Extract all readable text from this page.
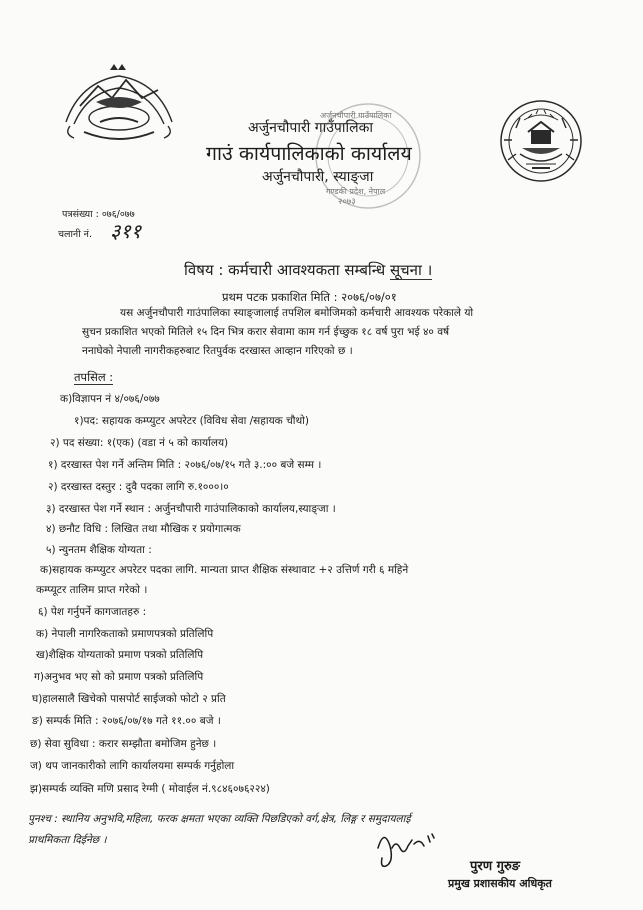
अर्जुनचौपारी गाउँपालिका
गण्डकी प्रदेश, नेपाल
२०७३
अर्जुनचौपारी गाउँपालिका
गाउं कार्यपालिकाको कार्यालय
अर्जुनचौपारी, स्याङ्जा
पत्रसंख्या : ०७६/०७७
चलानी नं. ३११
विषय : कर्मचारी आवश्यकता सम्बन्धि सूचना ।
प्रथम पटक प्रकाशित मिति : २०७६/०७/०१
यस अर्जुनचौपारी गाउंपालिका स्याङ्जालाई तपशिल बमोजिमको कर्मचारी आवश्यक परेकाले यो
सुचन प्रकाशित भएको मितिले १५ दिन भित्र करार सेवामा काम गर्न ईच्छुक १८ वर्ष पुरा भई ४० वर्ष
ननाघेको नेपाली नागरीकहरुबाट रितपुर्वक दरखास्त आव्हान गरिएको छ ।
तपसिल :
क)विज्ञापन नं ४/०७६/०७७
१)पद: सहायक कम्प्युटर अपरेटर (विविध सेवा /सहायक चौथो)
२) पद संख्या: १(एक) (वडा नं ५ को कार्यालय)
१) दरखास्त पेश गर्ने अन्तिम मिति : २०७६/०७/१५ गते ३.:०० बजे सम्म ।
२) दरखास्त दस्तुर : दुवै पदका लागि रु.१०००।०
३) दरखास्त पेश गर्ने स्थान : अर्जुनचौपारी गाउंपालिकाको कार्यालय,स्याङ्जा ।
४) छनौट विधि : लिखित तथा मौखिक र प्रयोगात्मक
५) न्युनतम शैक्षिक योग्यता :
क)सहायक कम्प्युटर अपरेटर पदका लागि. मान्यता प्राप्त शैक्षिक संस्थावाट +२ उत्तिर्ण गरी ६ महिने
कम्प्यूटर तालिम प्राप्त गरेको ।
६) पेश गर्नुपर्ने कागजातहरु :
क) नेपाली नागरिकताको प्रमाणपत्रको प्रतिलिपि
ख)शैक्षिक योग्यताको प्रमाण पत्रको प्रतिलिपि
ग)अनुभव भए सो को प्रमाण पत्रको प्रतिलिपि
घ)हालसालै खिचेको पासपोर्ट साईजको फोटो २ प्रति
ङ) सम्पर्क मिति : २०७६/०७/१७ गते ११.०० बजे ।
छ) सेवा सुविधा : करार सम्झौता बमोजिम हुनेछ ।
ज) थप जानकारीको लागि कार्यालयमा सम्पर्क गर्नुहोला
झ)सम्पर्क व्यक्ति मणि प्रसाद रेग्मी ( मोवाईल नं.९८४६०७६२२४)
पुनश्च : स्थानिय अनुभवि,महिला, फरक क्षमता भएका व्यक्ति पिछडिएको वर्ग,क्षेत्र, लिङ्ग र समुदायलाई
प्राथमिकता दिईनेछ ।
पुरण गुरुङ
प्रमुख प्रशासकीय अधिकृत
